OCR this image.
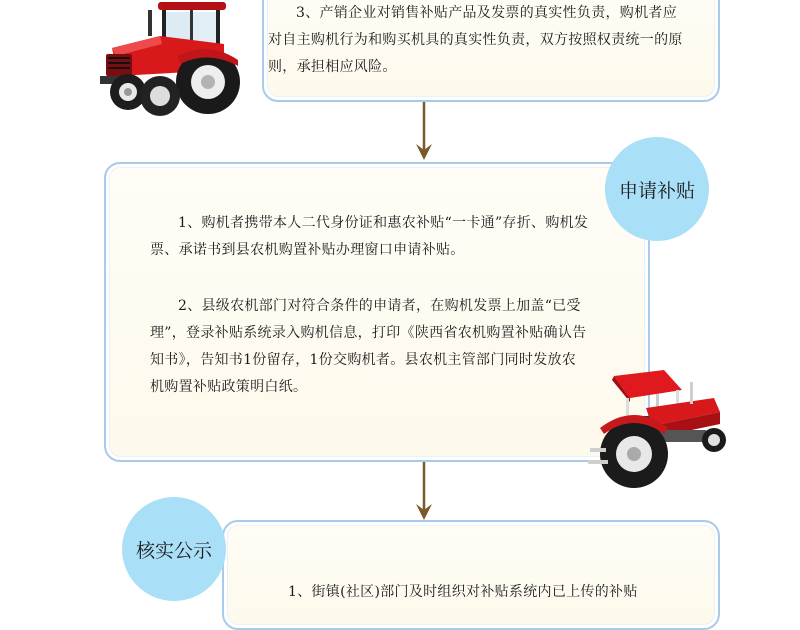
3、产销企业对销售补贴产品及发票的真实性负责，购机者应对自主购机行为和购买机具的真实性负责，双方按照权责统一的原则，承担相应风险。

1、购机者携带本人二代身份证和惠农补贴“一卡通”存折、购机发票、承诺书到县农机购置补贴办理窗口申请补贴。

2、县级农机部门对符合条件的申请者，在购机发票上加盖“已受理”，登录补贴系统录入购机信息，打印《陕西省农机购置补贴确认告知书》，告知书1份留存，1份交购机者。县农机主管部门同时发放农机购置补贴政策明白纸。

1、街镇(社区)部门及时组织对补贴系统内已上传的补贴

申请补贴
核实公示
